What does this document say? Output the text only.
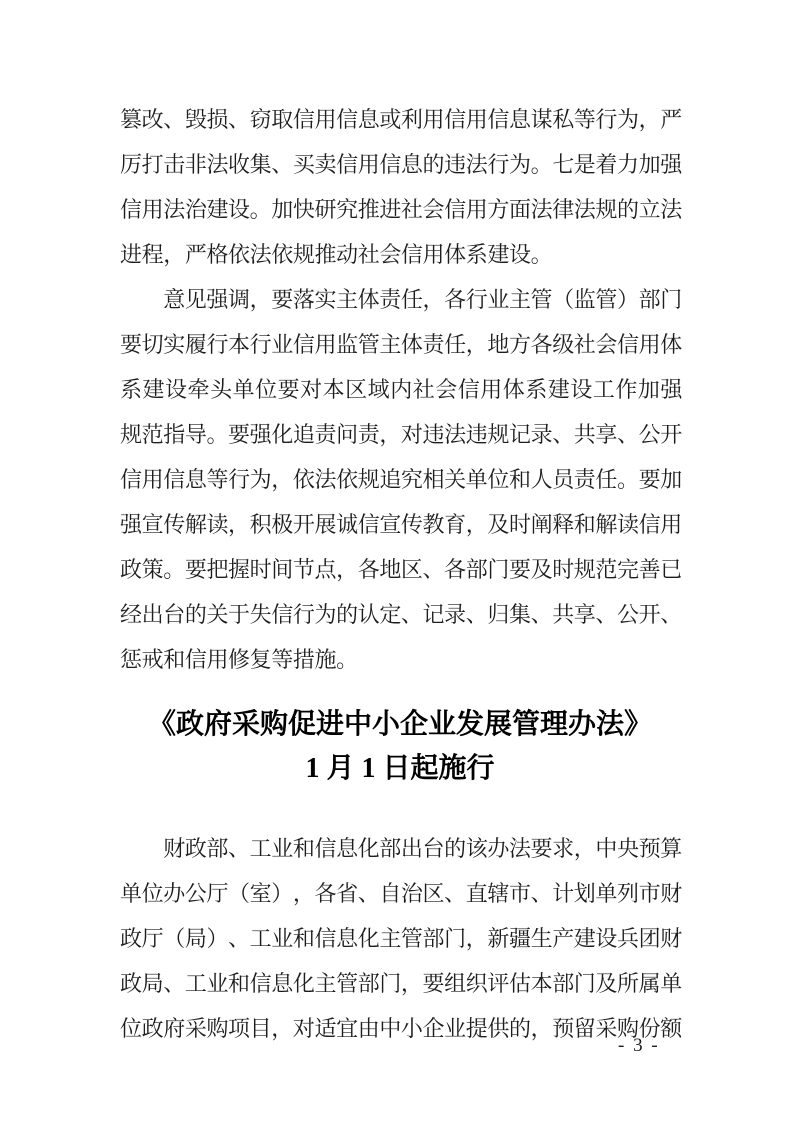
篡 改 、 毁 损 、 窃 取 信 用 信 息 或 利 用 信 用 信 息 谋 私 等 行 为 ， 严
厉 打 击 非 法 收 集 、 买 卖 信 用 信 息 的 违 法 行 为 。 七 是 着 力 加 强
信 用 法 治 建 设 。 加 快 研 究 推 进 社 会 信 用 方 面 法 律 法 规 的 立 法
进 程 ， 严 格 依 法 依 规 推 动 社 会 信 用 体 系 建 设 。
意 见 强 调 ， 要 落 实 主 体 责 任 ， 各 行 业 主 管 （ 监 管 ） 部 门
要 切 实 履 行 本 行 业 信 用 监 管 主 体 责 任 ， 地 方 各 级 社 会 信 用 体
系 建 设 牵 头 单 位 要 对 本 区 域 内 社 会 信 用 体 系 建 设 工 作 加 强
规 范 指 导 。 要 强 化 追 责 问 责 ， 对 违 法 违 规 记 录 、 共 享 、 公 开
信 用 信 息 等 行 为 ， 依 法 依 规 追 究 相 关 单 位 和 人 员 责 任 。 要 加
强 宣 传 解 读 ， 积 极 开 展 诚 信 宣 传 教 育 ， 及 时 阐 释 和 解 读 信 用
政 策 。 要 把 握 时 间 节 点 ， 各 地 区 、 各 部 门 要 及 时 规 范 完 善 已
经 出 台 的 关 于 失 信 行 为 的 认 定 、 记 录 、 归 集 、 共 享 、 公 开 、
惩 戒 和 信 用 修 复 等 措 施 。
财 政 部 、 工 业 和 信 息 化 部 出 台 的 该 办 法 要 求 ， 中 央 预 算
单 位 办 公 厅 （ 室 ） ， 各 省 、 自 治 区 、 直 辖 市 、 计 划 单 列 市 财
政 厅 （ 局 ） 、 工 业 和 信 息 化 主 管 部 门 ， 新 疆 生 产 建 设 兵 团 财
政 局 、 工 业 和 信 息 化 主 管 部 门 ， 要 组 织 评 估 本 部 门 及 所 属 单
位 政 府 采 购 项 目 ， 对 适 宜 由 中 小 企 业 提 供 的 ， 预 留 采 购 份 额
《政府采购促进中小企业发展管理办法》
1 月 1 日起施行
- 3 -
